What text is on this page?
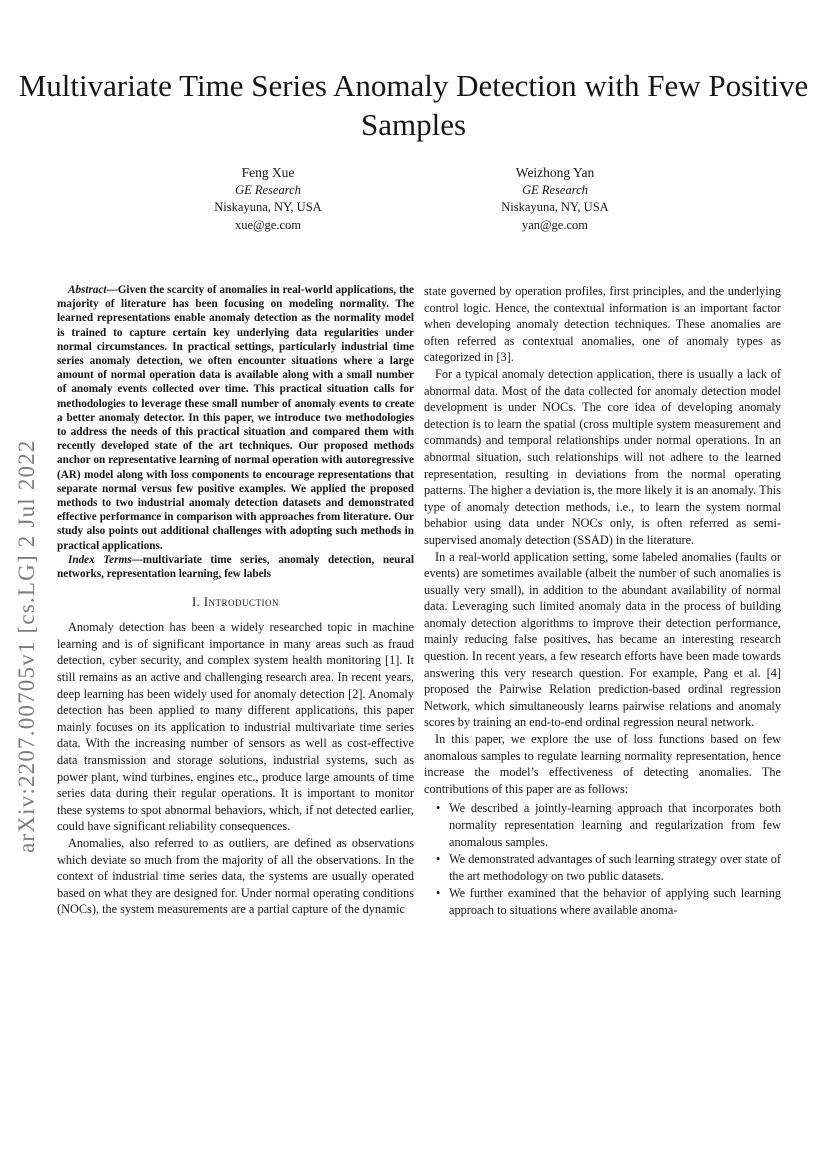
arXiv:2207.00705v1 [cs.LG] 2 Jul 2022
Multivariate Time Series Anomaly Detection with Few Positive Samples
Feng Xue
GE Research
Niskayuna, NY, USA
xue@ge.com
Weizhong Yan
GE Research
Niskayuna, NY, USA
yan@ge.com

Abstract—Given the scarcity of anomalies in real-world applications, the majority of literature has been focusing on modeling normality. The learned representations enable anomaly detection as the normality model is trained to capture certain key underlying data regularities under normal circumstances. In practical settings, particularly industrial time series anomaly detection, we often encounter situations where a large amount of normal operation data is available along with a small number of anomaly events collected over time. This practical situation calls for methodologies to leverage these small number of anomaly events to create a better anomaly detector. In this paper, we introduce two methodologies to address the needs of this practical situation and compared them with recently developed state of the art techniques. Our proposed methods anchor on representative learning of normal operation with autoregressive (AR) model along with loss components to encourage representations that separate normal versus few positive examples. We applied the proposed methods to two industrial anomaly detection datasets and demonstrated effective performance in comparison with approaches from literature. Our study also points out additional challenges with adopting such methods in practical applications.

Index Terms—multivariate time series, anomaly detection, neural networks, representation learning, few labels

I. Introduction

Anomaly detection has been a widely researched topic in machine learning and is of significant importance in many areas such as fraud detection, cyber security, and complex system health monitoring [1]. It still remains as an active and challenging research area. In recent years, deep learning has been widely used for anomaly detection [2]. Anomaly detection has been applied to many different applications, this paper mainly focuses on its application to industrial multivariate time series data. With the increasing number of sensors as well as cost-effective data transmission and storage solutions, industrial systems, such as power plant, wind turbines, engines etc., produce large amounts of time series data during their regular operations. It is important to monitor these systems to spot abnormal behaviors, which, if not detected earlier, could have significant reliability consequences.

Anomalies, also referred to as outliers, are defined as observations which deviate so much from the majority of all the observations. In the context of industrial time series data, the systems are usually operated based on what they are designed for. Under normal operating conditions (NOCs), the system measurements are a partial capture of the dynamic

state governed by operation profiles, first principles, and the underlying control logic. Hence, the contextual information is an important factor when developing anomaly detection techniques. These anomalies are often referred as contextual anomalies, one of anomaly types as categorized in [3].

For a typical anomaly detection application, there is usually a lack of abnormal data. Most of the data collected for anomaly detection model development is under NOCs. The core idea of developing anomaly detection is to learn the spatial (cross multiple system measurement and commands) and temporal relationships under normal operations. In an abnormal situation, such relationships will not adhere to the learned representation, resulting in deviations from the normal operating patterns. The higher a deviation is, the more likely it is an anomaly. This type of anomaly detection methods, i.e., to learn the system normal behabior using data under NOCs only, is often referred as semi-supervised anomaly detection (SSAD) in the literature.

In a real-world application setting, some labeled anomalies (faults or events) are sometimes available (albeit the number of such anomalies is usually very small), in addition to the abundant availability of normal data. Leveraging such limited anomaly data in the process of building anomaly detection algorithms to improve their detection performance, mainly reducing false positives, has became an interesting research question. In recent years, a few research efforts have been made towards answering this very research question. For example, Pang et al. [4] proposed the Pairwise Relation prediction-based ordinal regression Network, which simultaneously learns pairwise relations and anomaly scores by training an end-to-end ordinal regression neural network.

In this paper, we explore the use of loss functions based on few anomalous samples to regulate learning normality representation, hence increase the model’s effectiveness of detecting anomalies. The contributions of this paper are as follows:

• We described a jointly-learning approach that incorporates both normality representation learning and regularization from few anomalous samples.
• We demonstrated advantages of such learning strategy over state of the art methodology on two public datasets.
• We further examined that the behavior of applying such learning approach to situations where available anoma-
